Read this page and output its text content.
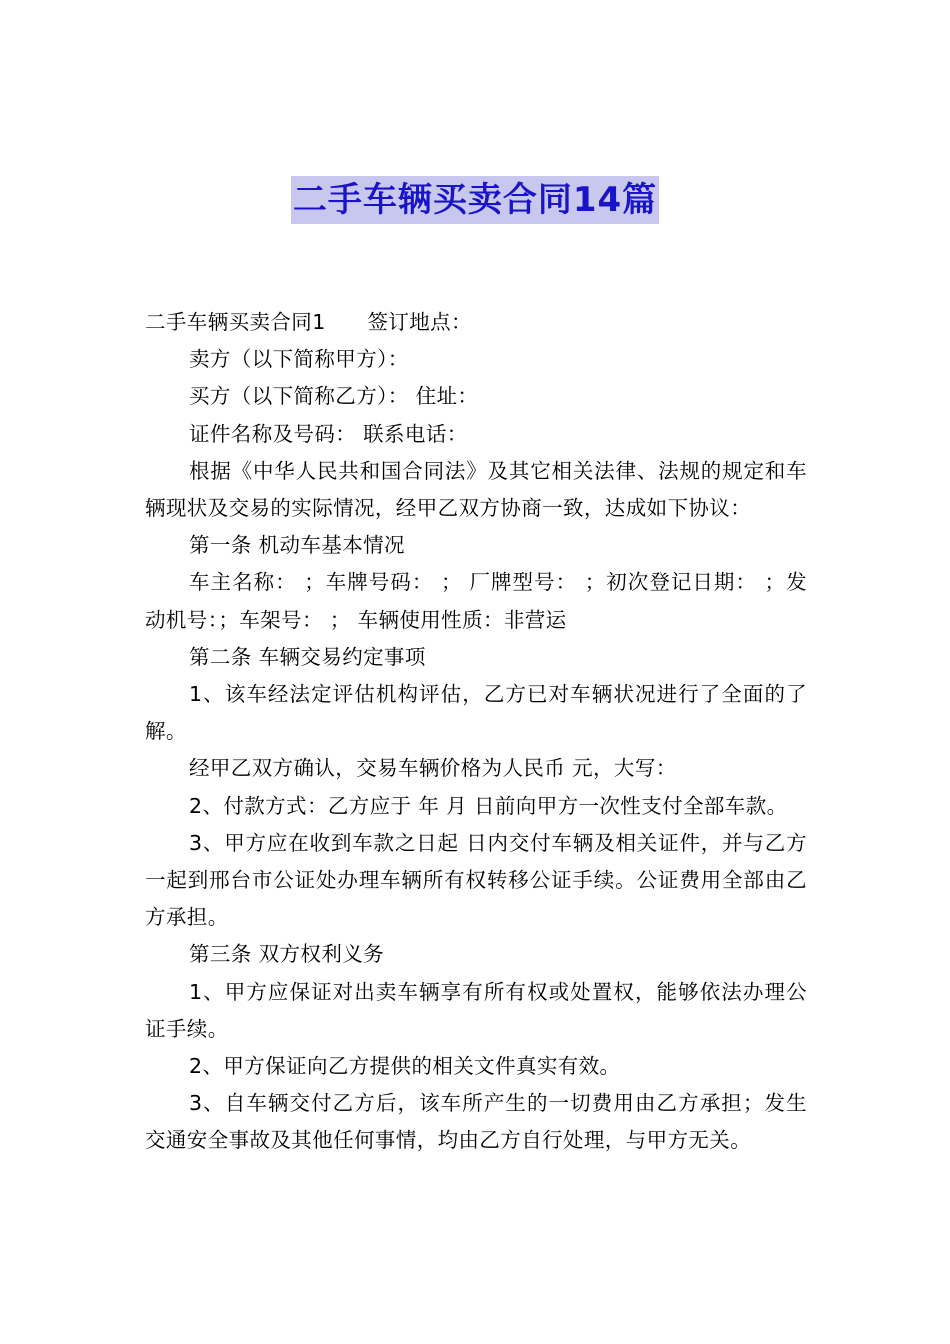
二手车辆买卖合同14篇

二手车辆买卖合同1　　签订地点：

卖方（以下简称甲方）：

买方（以下简称乙方）： 住址：

证件名称及号码： 联系电话：

根据《中华人民共和国合同法》及其它相关法律、法规的规定和车辆现状及交易的实际情况，经甲乙双方协商一致，达成如下协议：

第一条 机动车基本情况

车主名称： ；车牌号码： ； 厂牌型号： ；初次登记日期： ；发动机号：；车架号： ； 车辆使用性质：非营运

第二条 车辆交易约定事项

1、该车经法定评估机构评估，乙方已对车辆状况进行了全面的了解。

经甲乙双方确认，交易车辆价格为人民币 元，大写：

2、付款方式：乙方应于 年 月 日前向甲方一次性支付全部车款。

3、甲方应在收到车款之日起 日内交付车辆及相关证件，并与乙方一起到邢台市公证处办理车辆所有权转移公证手续。公证费用全部由乙方承担。

第三条 双方权利义务

1、甲方应保证对出卖车辆享有所有权或处置权，能够依法办理公证手续。

2、甲方保证向乙方提供的相关文件真实有效。

3、自车辆交付乙方后，该车所产生的一切费用由乙方承担；发生交通安全事故及其他任何事情，均由乙方自行处理，与甲方无关。
